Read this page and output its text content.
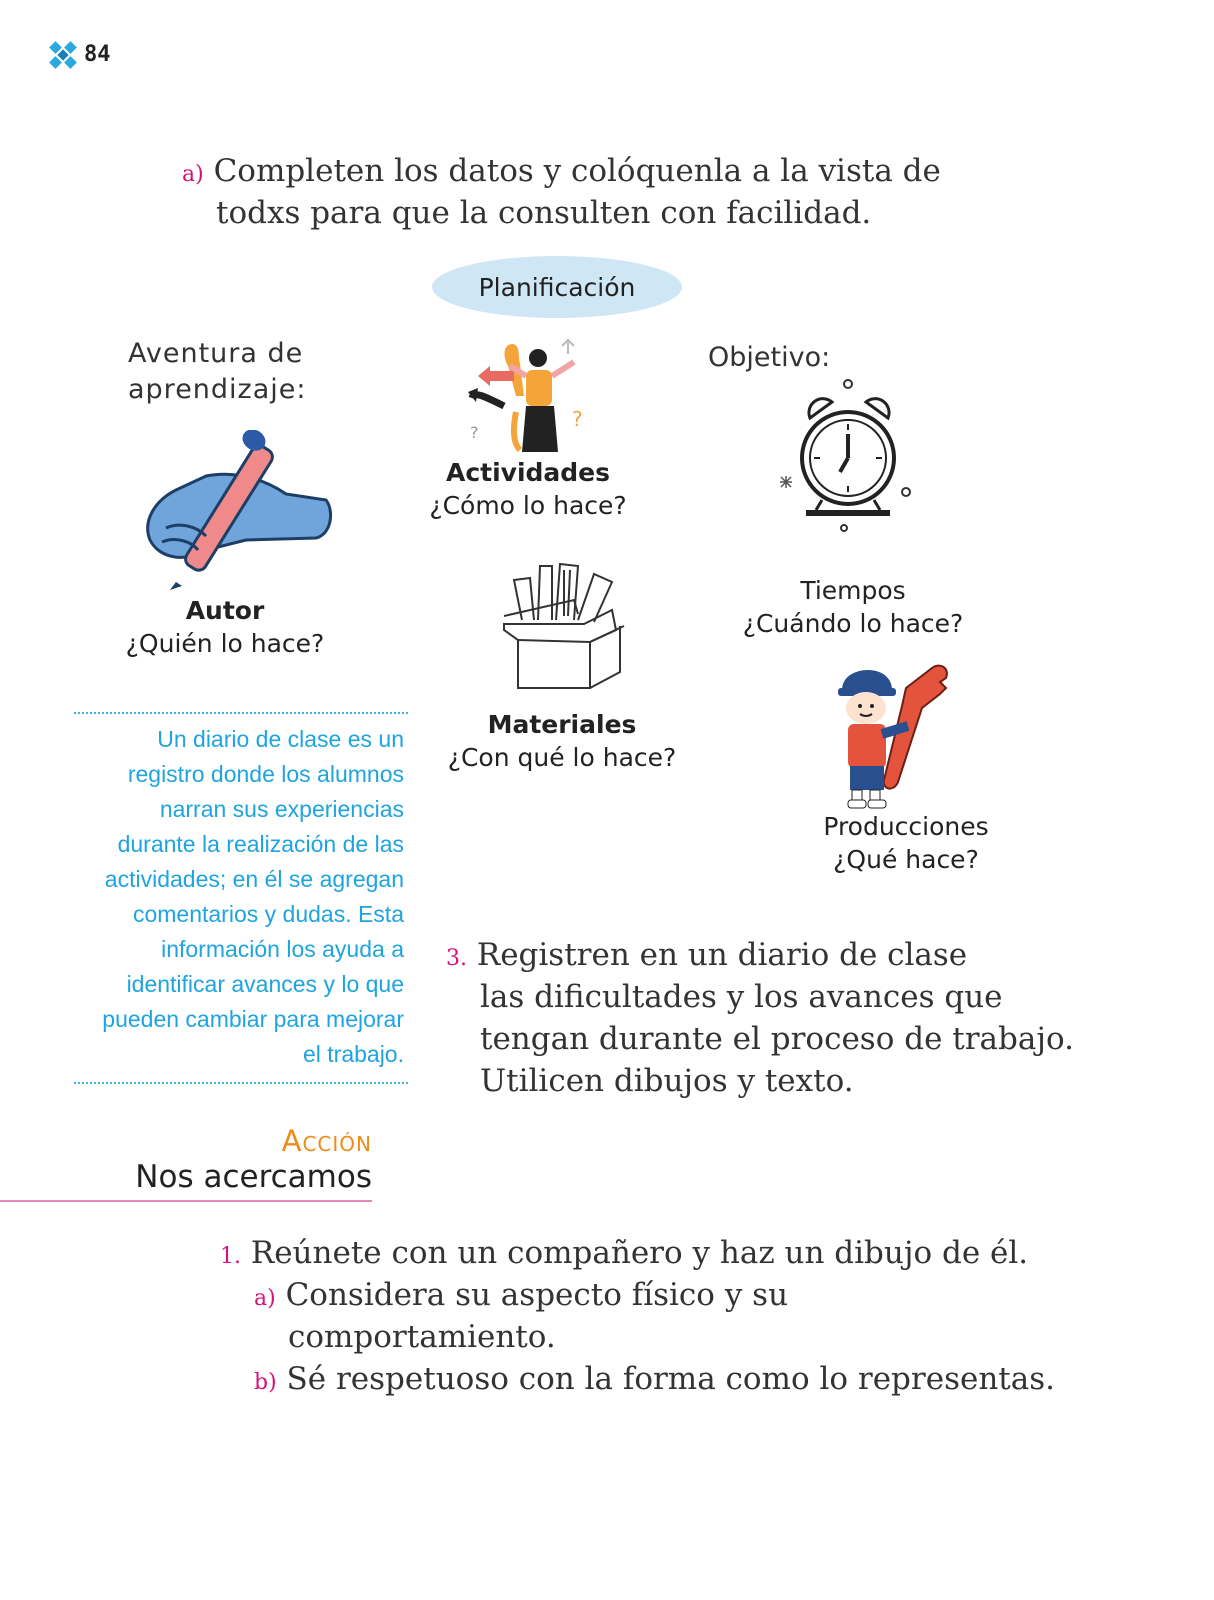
84
a) Completen los datos y colóquenla a la vista de
todxs para que la consulten con facilidad.
Planificación
Aventura de
aprendizaje:
Objetivo:
?
?
Actividades
¿Cómo lo hace?
Autor
¿Quién lo hace?
Materiales
¿Con qué lo hace?
Tiempos
¿Cuándo lo hace?
Producciones
¿Qué hace?
Un diario de clase es un
registro donde los alumnos
narran sus experiencias
durante la realización de las
actividades; en él se agregan
comentarios y dudas. Esta
información los ayuda a
identificar avances y lo que
pueden cambiar para mejorar
el trabajo.
3. Registren en un diario de clase
las dificultades y los avances que
tengan durante el proceso de trabajo.
Utilicen dibujos y texto.
Acción
Nos acercamos
1. Reúnete con un compañero y haz un dibujo de él.
a) Considera su aspecto físico y su
comportamiento.
b) Sé respetuoso con la forma como lo representas.
